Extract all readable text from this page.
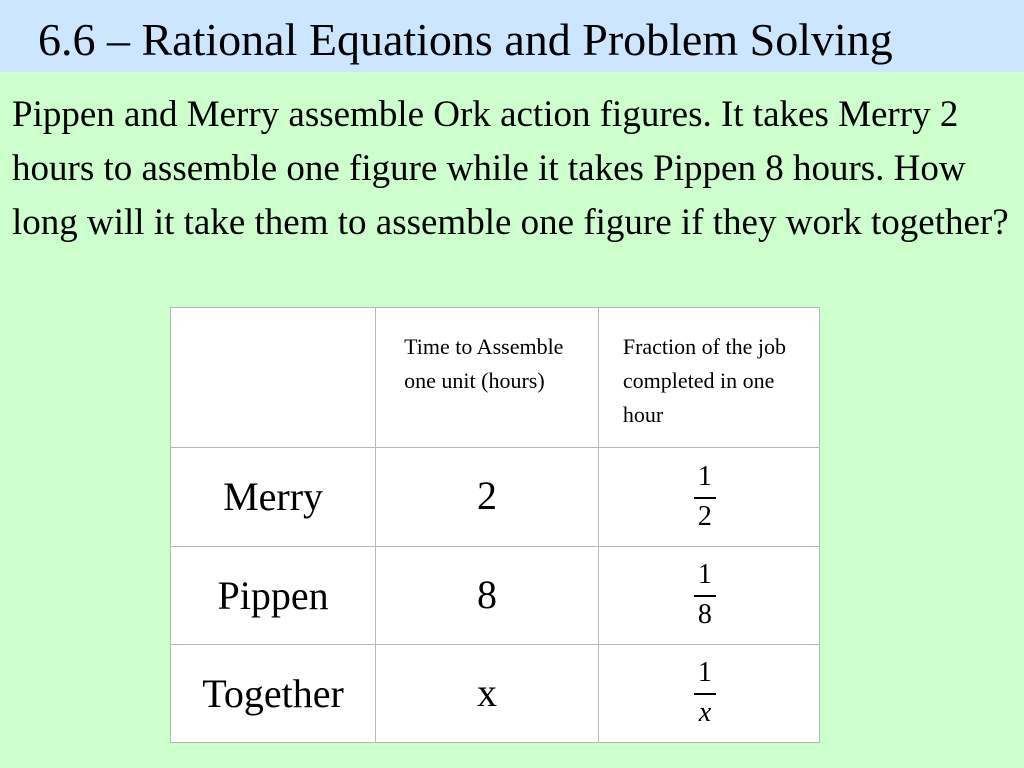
6.6 – Rational Equations and Problem Solving

Pippen and Merry assemble Ork action figures. It takes Merry 2 hours to assemble one figure while it takes Pippen 8 hours. How long will it take them to assemble one figure if they work together?

	Time to Assemble one unit (hours)	Fraction of the job completed in one hour
Merry	2	$\frac{1}{2}$

Pippen	8	$\frac{1}{8}$

Together	x	$\frac{1}{x}$
